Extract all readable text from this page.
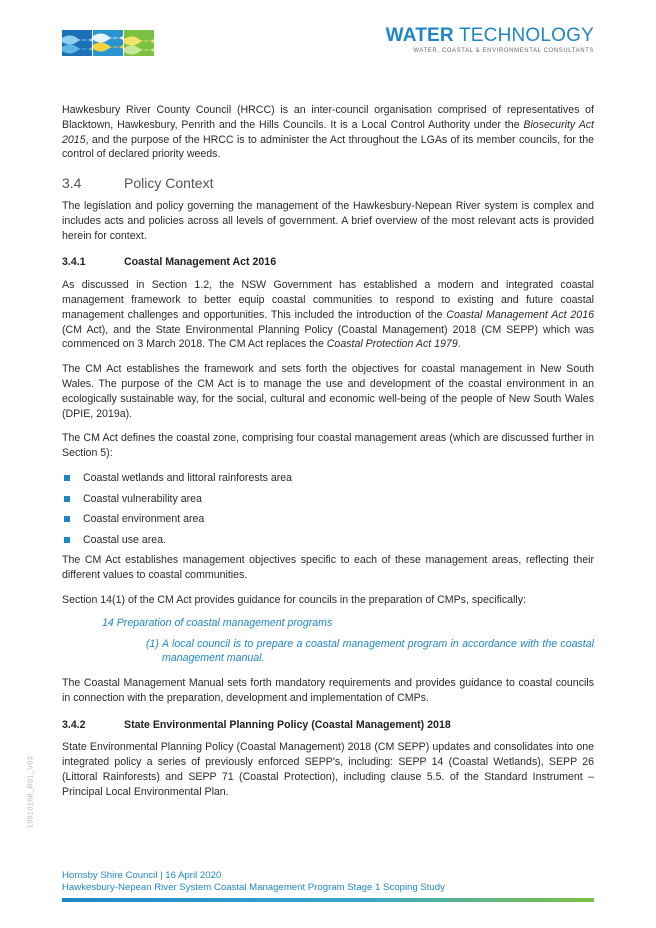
WATER TECHNOLOGY
WATER, COASTAL & ENVIRONMENTAL CONSULTANTS

Hawkesbury River County Council (HRCC) is an inter-council organisation comprised of representatives of Blacktown, Hawkesbury, Penrith and the Hills Councils. It is a Local Control Authority under the Biosecurity Act 2015, and the purpose of the HRCC is to administer the Act throughout the LGAs of its member councils, for the control of declared priority weeds.

3.4	Policy Context

The legislation and policy governing the management of the Hawkesbury-Nepean River system is complex and includes acts and policies across all levels of government. A brief overview of the most relevant acts is provided herein for context.

3.4.1	Coastal Management Act 2016

As discussed in Section 1.2, the NSW Government has established a modern and integrated coastal management framework to better equip coastal communities to respond to existing and future coastal management challenges and opportunities. This included the introduction of the Coastal Management Act 2016 (CM Act), and the State Environmental Planning Policy (Coastal Management) 2018 (CM SEPP) which was commenced on 3 March 2018. The CM Act replaces the Coastal Protection Act 1979.

The CM Act establishes the framework and sets forth the objectives for coastal management in New South Wales. The purpose of the CM Act is to manage the use and development of the coastal environment in an ecologically sustainable way, for the social, cultural and economic well-being of the people of New South Wales (DPIE, 2019a).

The CM Act defines the coastal zone, comprising four coastal management areas (which are discussed further in Section 5):

Coastal wetlands and littoral rainforests area
Coastal vulnerability area
Coastal environment area
Coastal use area.

The CM Act establishes management objectives specific to each of these management areas, reflecting their different values to coastal communities.

Section 14(1) of the CM Act provides guidance for councils in the preparation of CMPs, specifically:

14 Preparation of coastal management programs
(1) A local council is to prepare a coastal management program in accordance with the coastal management manual.

The Coastal Management Manual sets forth mandatory requirements and provides guidance to coastal councils in connection with the preparation, development and implementation of CMPs.

3.4.2	State Environmental Planning Policy (Coastal Management) 2018

State Environmental Planning Policy (Coastal Management) 2018 (CM SEPP) updates and consolidates into one integrated policy a series of previously enforced SEPP's, including: SEPP 14 (Coastal Wetlands), SEPP 26 (Littoral Rainforests) and SEPP 71 (Coastal Protection), including clause 5.5. of the Standard Instrument – Principal Local Environmental Plan.

19010166_R01_V03
Hornsby Shire Council | 16 April 2020
Hawkesbury-Nepean River System Coastal Management Program Stage 1 Scoping Study
